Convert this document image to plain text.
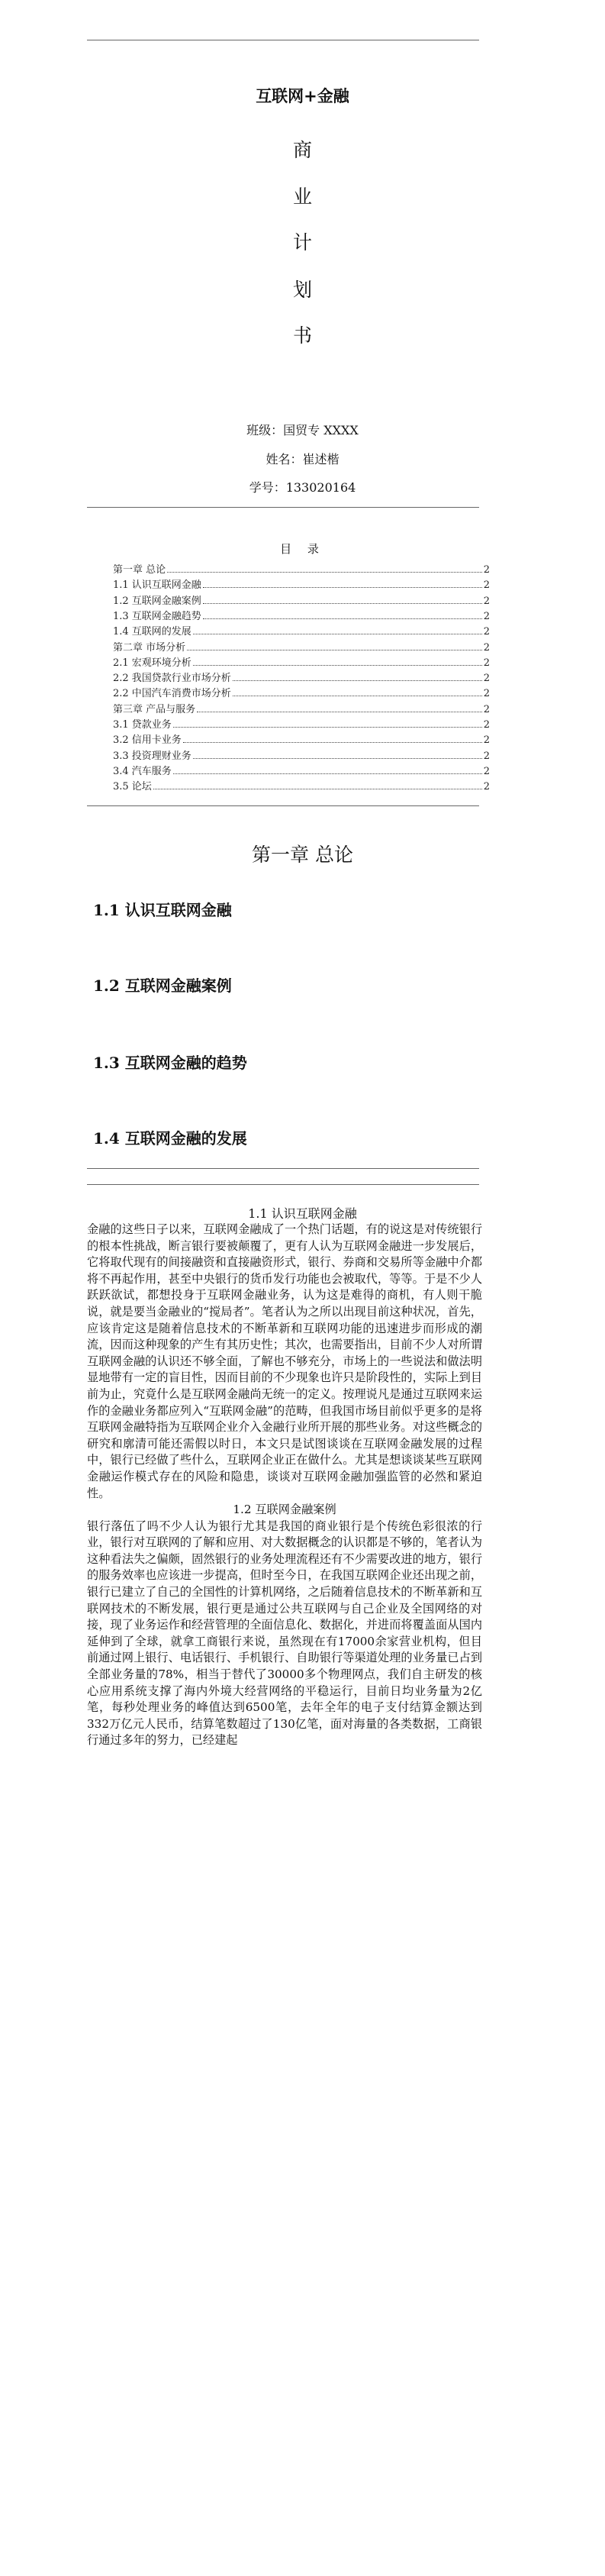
互联网+金融
商
业
计
划
书
班级：国贸专 XXXX
姓名：崔述楷
学号：133020164
目 录
第一章 总论	2
1.1 认识互联网金融	2
1.2 互联网金融案例	2
1.3 互联网金融趋势	2
1.4 互联网的发展	2
第二章 市场分析	2
2.1 宏观环境分析	2
2.2 我国贷款行业市场分析	2
2.2 中国汽车消费市场分析	2
第三章 产品与服务	2
3.1 贷款业务	2
3.2 信用卡业务	2
3.3 投资理财业务	2
3.4 汽车服务	2
3.5 论坛	2
第一章 总论
1.1 认识互联网金融
1.2 互联网金融案例
1.3 互联网金融的趋势
1.4 互联网金融的发展
1.1 认识互联网金融

金融的这些日子以来，互联网金融成了一个热门话题，有的说这是对传统银行的根本性挑战，断言银行要被颠覆了，更有人认为互联网金融进一步发展后，它将取代现有的间接融资和直接融资形式，银行、券商和交易所等金融中介都将不再起作用，甚至中央银行的货币发行功能也会被取代，等等。于是不少人跃跃欲试，都想投身于互联网金融业务，认为这是难得的商机，有人则干脆说，就是要当金融业的“搅局者”。笔者认为之所以出现目前这种状况，首先，应该肯定这是随着信息技术的不断革新和互联网功能的迅速进步而形成的潮流，因而这种现象的产生有其历史性；其次，也需要指出，目前不少人对所谓互联网金融的认识还不够全面，了解也不够充分，市场上的一些说法和做法明显地带有一定的盲目性，因而目前的不少现象也许只是阶段性的，实际上到目前为止，究竟什么是互联网金融尚无统一的定义。按理说凡是通过互联网来运作的金融业务都应列入“互联网金融”的范畴，但我国市场目前似乎更多的是将互联网金融特指为互联网企业介入金融行业所开展的那些业务。对这些概念的研究和廓清可能还需假以时日，本文只是试图谈谈在互联网金融发展的过程中，银行已经做了些什么，互联网企业正在做什么。尤其是想谈谈某些互联网金融运作模式存在的风险和隐患，谈谈对互联网金融加强监管的必然和紧迫性。
1.2 互联网金融案例
银行落伍了吗不少人认为银行尤其是我国的商业银行是个传统色彩很浓的行业，银行对互联网的了解和应用、对大数据概念的认识都是不够的，笔者认为这种看法失之偏颇，固然银行的业务处理流程还有不少需要改进的地方，银行的服务效率也应该进一步提高，但时至今日，在我国互联网企业还出现之前，银行已建立了自己的全国性的计算机网络，之后随着信息技术的不断革新和互联网技术的不断发展，银行更是通过公共互联网与自己企业及全国网络的对接，现了业务运作和经营管理的全面信息化、数据化，并进而将覆盖面从国内延伸到了全球，就拿工商银行来说，虽然现在有17000余家营业机构，但目前通过网上银行、电话银行、手机银行、自助银行等渠道处理的业务量已占到全部业务量的78%，相当于替代了30000多个物理网点，我们自主研发的核心应用系统支撑了海内外境大经营网络的平稳运行，目前日均业务量为2亿笔，每秒处理业务的峰值达到6500笔，去年全年的电子支付结算金额达到332万亿元人民币，结算笔数超过了130亿笔，面对海量的各类数据，工商银行通过多年的努力，已经建起
